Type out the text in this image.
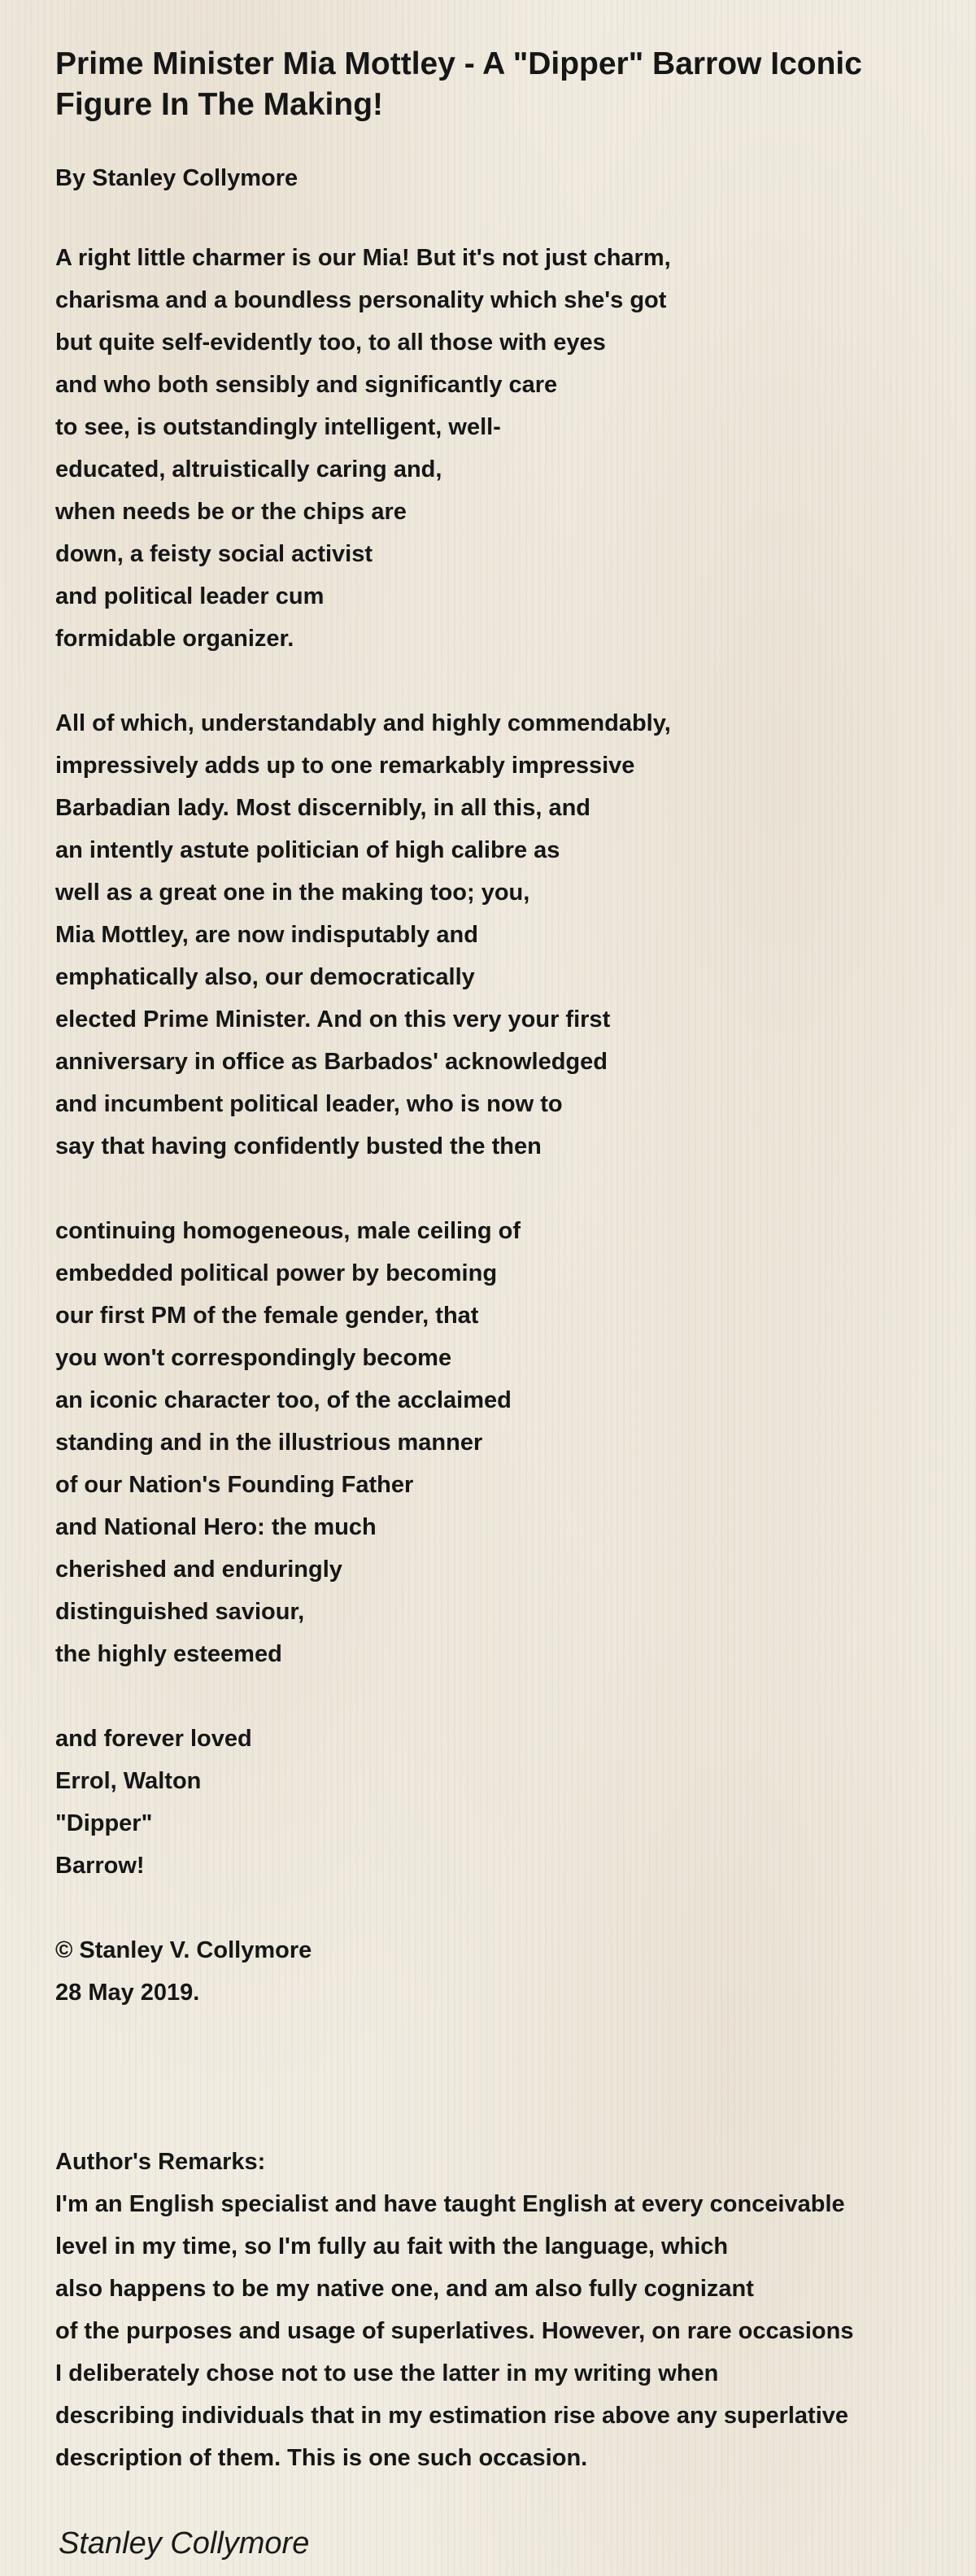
Prime Minister Mia Mottley - A "Dipper" Barrow Iconic Figure In The Making!
By Stanley Collymore
A right little charmer is our Mia! But it's not just charm,
charisma and a boundless personality which she's got
but quite self-evidently too, to all those with eyes
and who both sensibly and significantly care
to see, is outstandingly intelligent, well-
educated, altruistically caring and,
when needs be or the chips are
down, a feisty social activist
and political leader cum
formidable organizer.
All of which, understandably and highly commendably,
impressively adds up to one remarkably impressive
Barbadian lady. Most discernibly, in all this, and
an intently astute politician of high calibre as
well as a great one in the making too; you,
Mia Mottley, are now indisputably and
emphatically also, our democratically
elected Prime Minister. And on this very your first
anniversary in office as Barbados' acknowledged
and incumbent political leader, who is now to
say that having confidently busted the then
continuing homogeneous, male ceiling of
embedded political power by becoming
our first PM of the female gender, that
you won't correspondingly become
an iconic character too, of the acclaimed
standing and in the illustrious manner
of our Nation's Founding Father
and National Hero: the much
cherished and enduringly
distinguished saviour,
the highly esteemed
and forever loved
Errol, Walton
"Dipper"
Barrow!
© Stanley V. Collymore
28 May 2019.
Author's Remarks:
I'm an English specialist and have taught English at every conceivable
level in my time, so I'm fully au fait with the language, which
also happens to be my native one, and am also fully cognizant
of the purposes and usage of superlatives. However, on rare occasions
I deliberately chose not to use the latter in my writing when
describing individuals that in my estimation rise above any superlative
description of them. This is one such occasion.
Stanley Collymore
